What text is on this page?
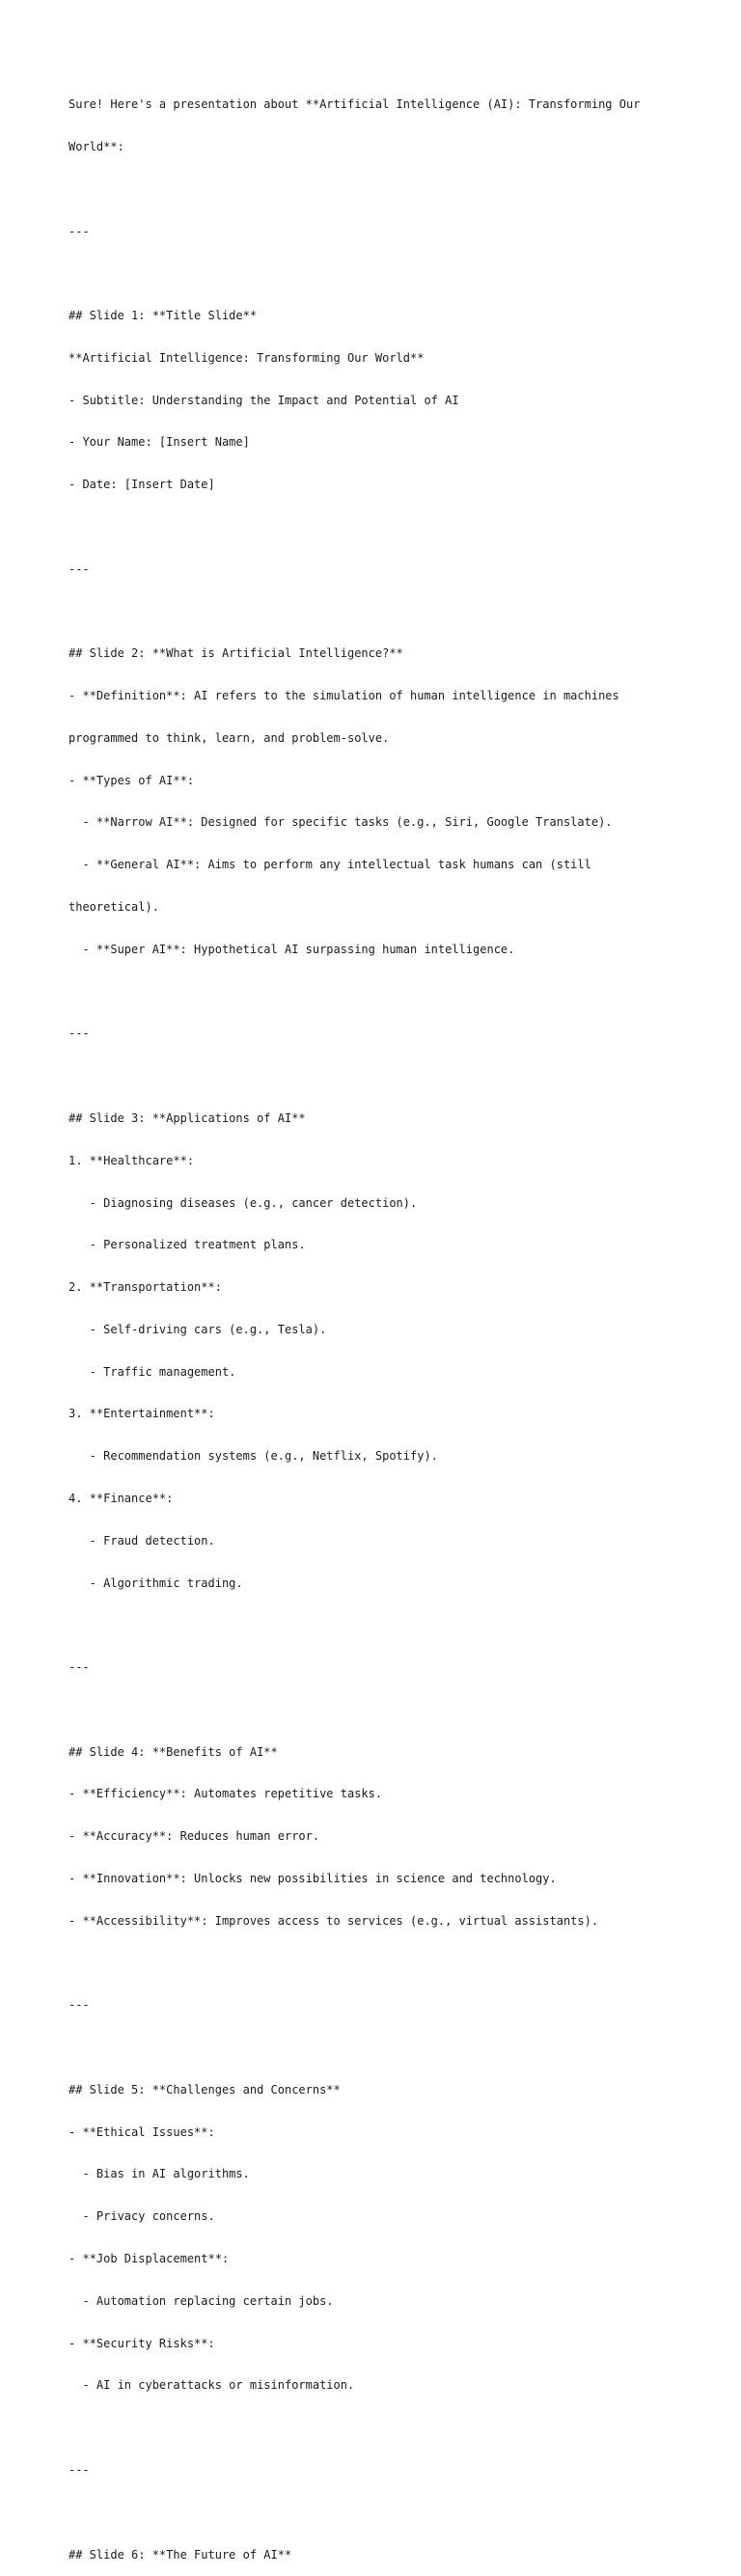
Sure! Here's a presentation about **Artificial Intelligence (AI): Transforming Our

World**:

---

## Slide 1: **Title Slide**

**Artificial Intelligence: Transforming Our World**

- Subtitle: Understanding the Impact and Potential of AI

- Your Name: [Insert Name]

- Date: [Insert Date]

---

## Slide 2: **What is Artificial Intelligence?**

- **Definition**: AI refers to the simulation of human intelligence in machines

programmed to think, learn, and problem-solve.

- **Types of AI**:

- **Narrow AI**: Designed for specific tasks (e.g., Siri, Google Translate).

- **General AI**: Aims to perform any intellectual task humans can (still

theoretical).

- **Super AI**: Hypothetical AI surpassing human intelligence.

---

## Slide 3: **Applications of AI**

1. **Healthcare**:

- Diagnosing diseases (e.g., cancer detection).

- Personalized treatment plans.

2. **Transportation**:

- Self-driving cars (e.g., Tesla).

- Traffic management.

3. **Entertainment**:

- Recommendation systems (e.g., Netflix, Spotify).

4. **Finance**:

- Fraud detection.

- Algorithmic trading.

---

## Slide 4: **Benefits of AI**

- **Efficiency**: Automates repetitive tasks.

- **Accuracy**: Reduces human error.

- **Innovation**: Unlocks new possibilities in science and technology.

- **Accessibility**: Improves access to services (e.g., virtual assistants).

---

## Slide 5: **Challenges and Concerns**

- **Ethical Issues**:

- Bias in AI algorithms.

- Privacy concerns.

- **Job Displacement**:

- Automation replacing certain jobs.

- **Security Risks**:

- AI in cyberattacks or misinformation.

---

## Slide 6: **The Future of AI**
